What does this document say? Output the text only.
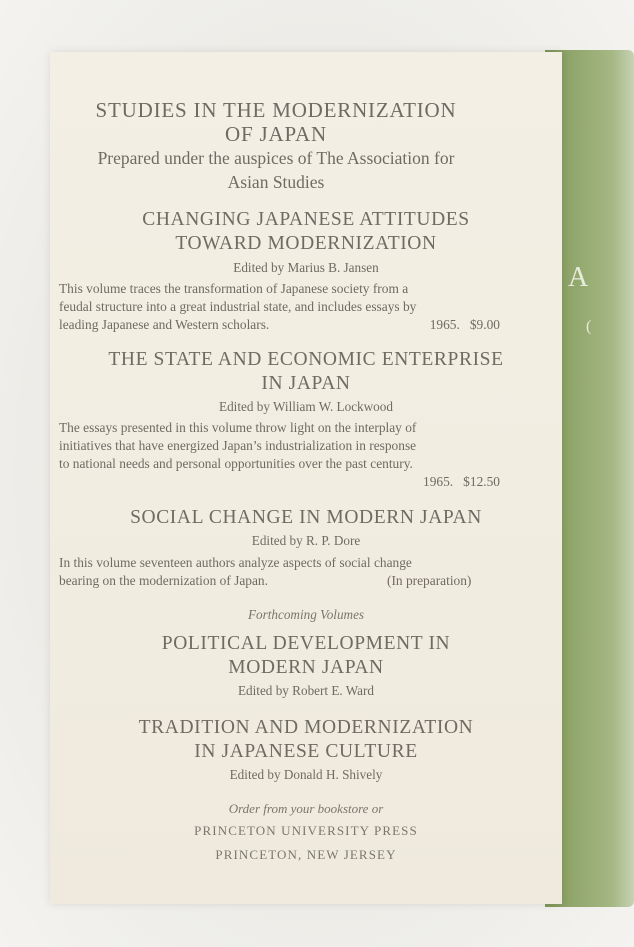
A
(
STUDIES IN THE MODERNIZATION
OF JAPAN
Prepared under the auspices of The Association for
Asian Studies
CHANGING JAPANESE ATTITUDES
TOWARD MODERNIZATION
Edited by Marius B. Jansen
This volume traces the transformation of Japanese society from a
feudal structure into a great industrial state, and includes essays by
leading Japanese and Western scholars.	1965.   $9.00
THE STATE AND ECONOMIC ENTERPRISE
IN JAPAN
Edited by William W. Lockwood
The essays presented in this volume throw light on the interplay of
initiatives that have energized Japan’s industrialization in response
to national needs and personal opportunities over the past century.
1965.   $12.50
SOCIAL CHANGE IN MODERN JAPAN
Edited by R. P. Dore
In this volume seventeen authors analyze aspects of social change
bearing on the modernization of Japan.	(In preparation)
Forthcoming Volumes
POLITICAL DEVELOPMENT IN
MODERN JAPAN
Edited by Robert E. Ward
TRADITION AND MODERNIZATION
IN JAPANESE CULTURE
Edited by Donald H. Shively
Order from your bookstore or
PRINCETON UNIVERSITY PRESS
PRINCETON, NEW JERSEY
